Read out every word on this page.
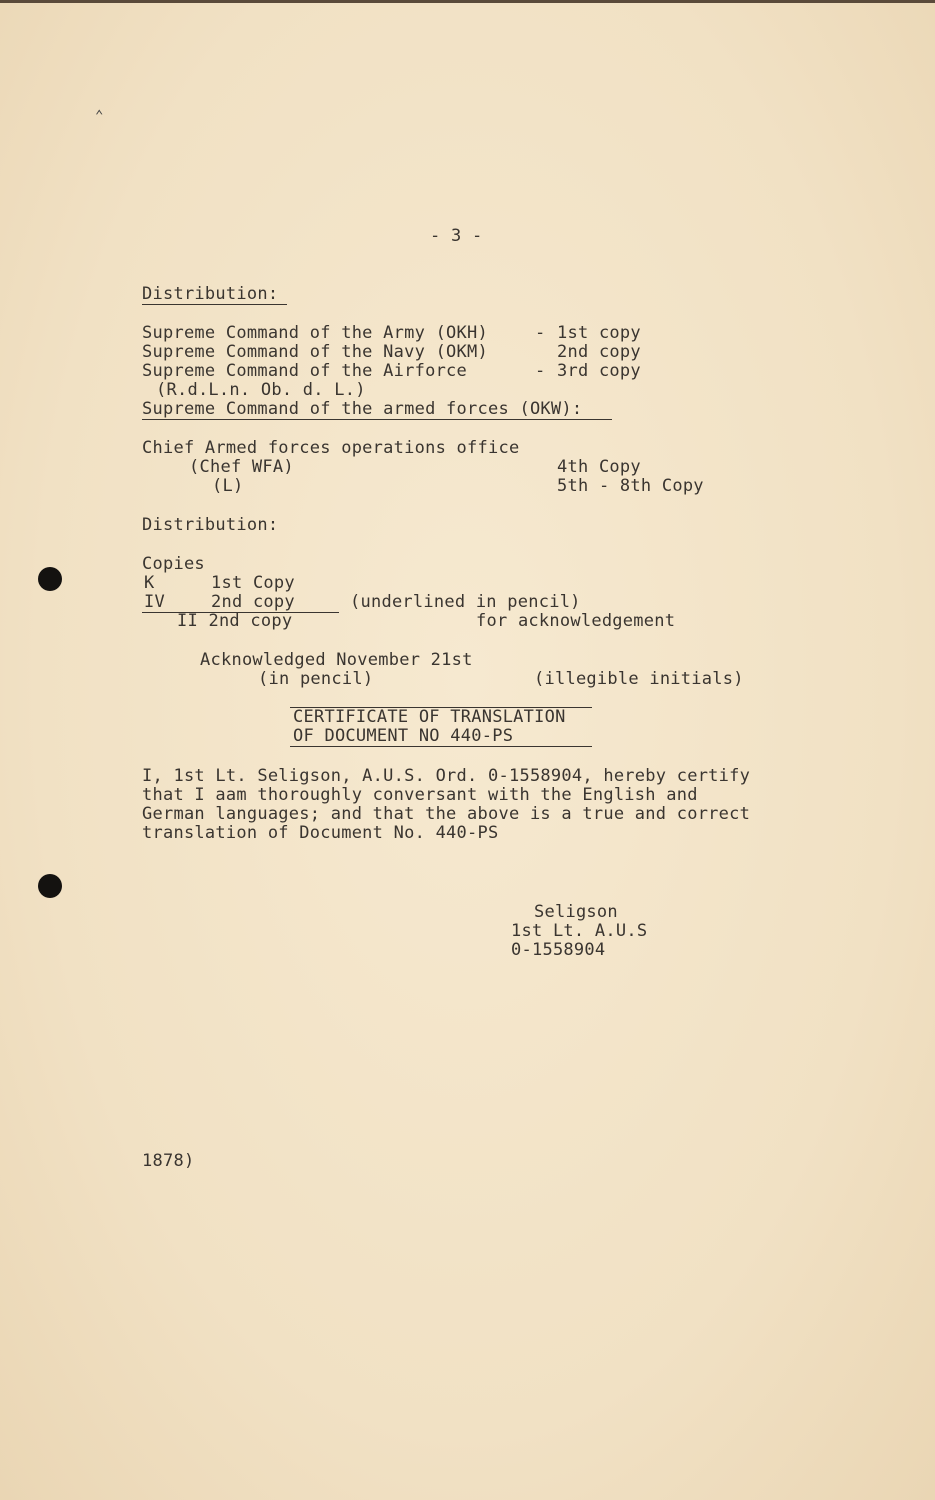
⌃
- 3 -
Distribution:
Supreme Command of the Army (OKH)	- 1st copy
Supreme Command of the Navy (OKM)	2nd copy
Supreme Command of the Airforce	- 3rd copy
(R.d.L.n. Ob. d. L.)
Supreme Command of the armed forces (OKW):
Chief Armed forces operations office
(Chef WFA)	4th Copy
(L)	5th - 8th Copy
Distribution:
Copies
K	1st Copy
IV	2nd copy	(underlined in pencil)
II 2nd copy	for acknowledgement
Acknowledged November 21st
(in pencil)	(illegible initials)
CERTIFICATE OF TRANSLATION
OF DOCUMENT NO 440-PS
I, 1st Lt. Seligson, A.U.S. Ord. 0-1558904, hereby certify
that I aam thoroughly conversant with the English and
German languages; and that the above is a true and correct
translation of Document No. 440-PS
Seligson
1st Lt. A.U.S
0-1558904
1878)
